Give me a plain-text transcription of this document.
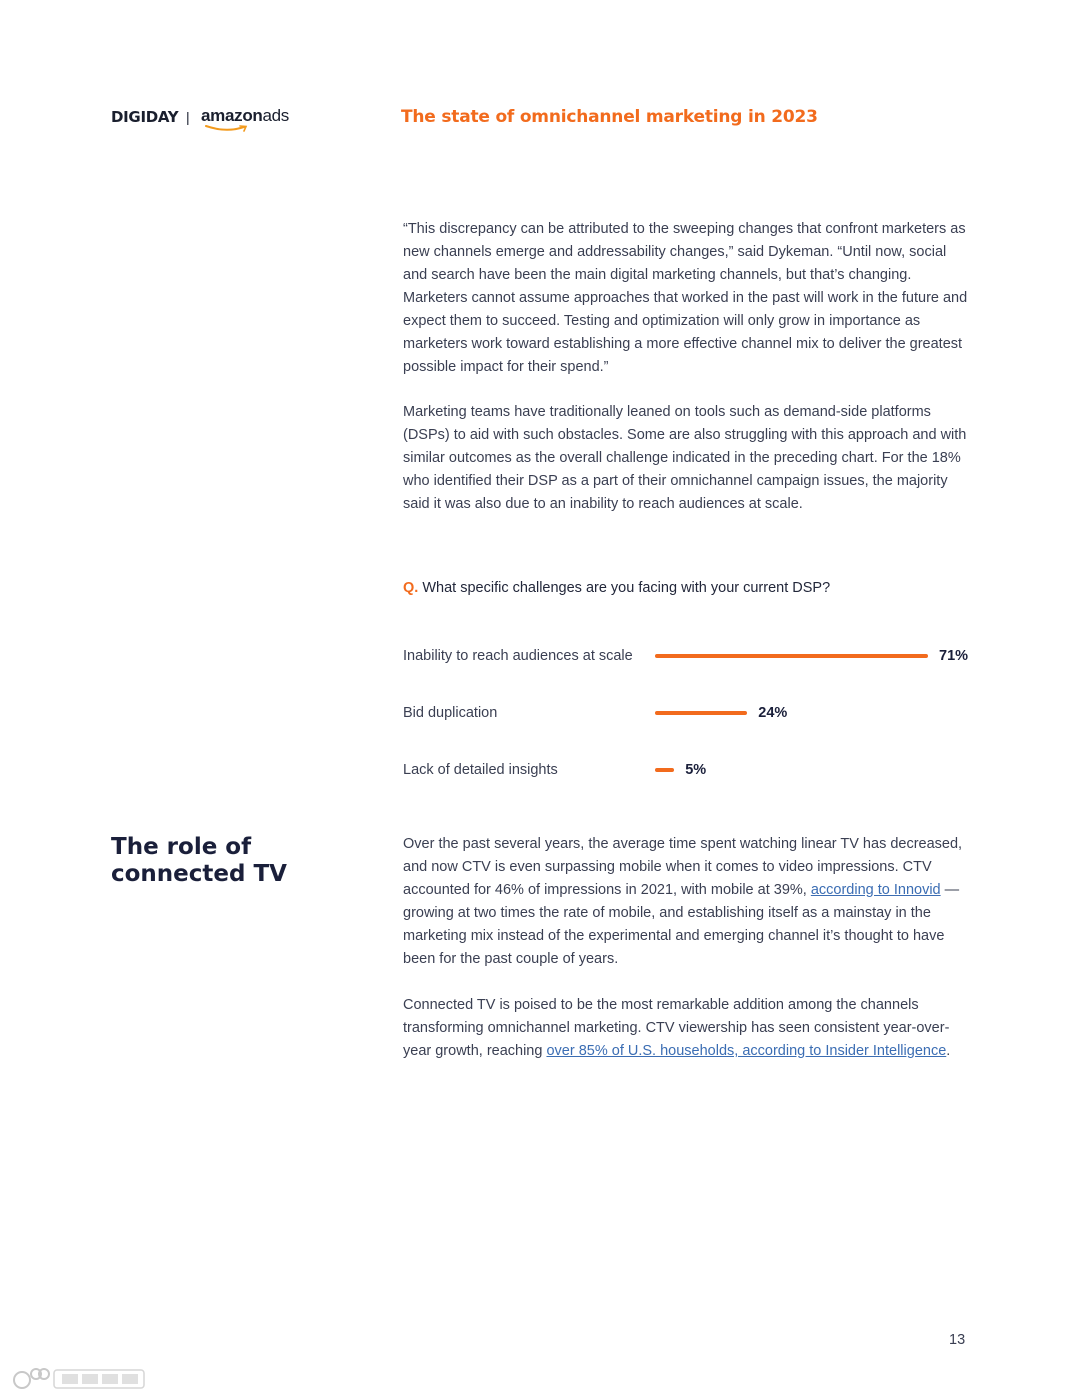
DIGIDAY | amazonads	The state of omnichannel marketing in 2023

“This discrepancy can be attributed to the sweeping changes that confront marketers as new channels emerge and addressability changes,” said Dykeman. “Until now, social and search have been the main digital marketing channels, but that’s changing. Marketers cannot assume approaches that worked in the past will work in the future and expect them to succeed. Testing and optimization will only grow in importance as marketers work toward establishing a more effective channel mix to deliver the greatest possible impact for their spend.”

Marketing teams have traditionally leaned on tools such as demand-side platforms (DSPs) to aid with such obstacles. Some are also struggling with this approach and with similar outcomes as the overall challenge indicated in the preceding chart. For the 18% who identified their DSP as a part of their omnichannel campaign issues, the majority said it was also due to an inability to reach audiences at scale.

Q. What specific challenges are you facing with your current DSP?
Inability to reach audiences at scale	71%
Bid duplication	24%
Lack of detailed insights	5%
The role of connected TV

Over the past several years, the average time spent watching linear TV has decreased, and now CTV is even surpassing mobile when it comes to video impressions. CTV accounted for 46% of impressions in 2021, with mobile at 39%, according to Innovid — growing at two times the rate of mobile, and establishing itself as a mainstay in the marketing mix instead of the experimental and emerging channel it’s thought to have been for the past couple of years.

Connected TV is poised to be the most remarkable addition among the channels transforming omnichannel marketing. CTV viewership has seen consistent year-over-year growth, reaching over 85% of U.S. households, according to Insider Intelligence.

13
